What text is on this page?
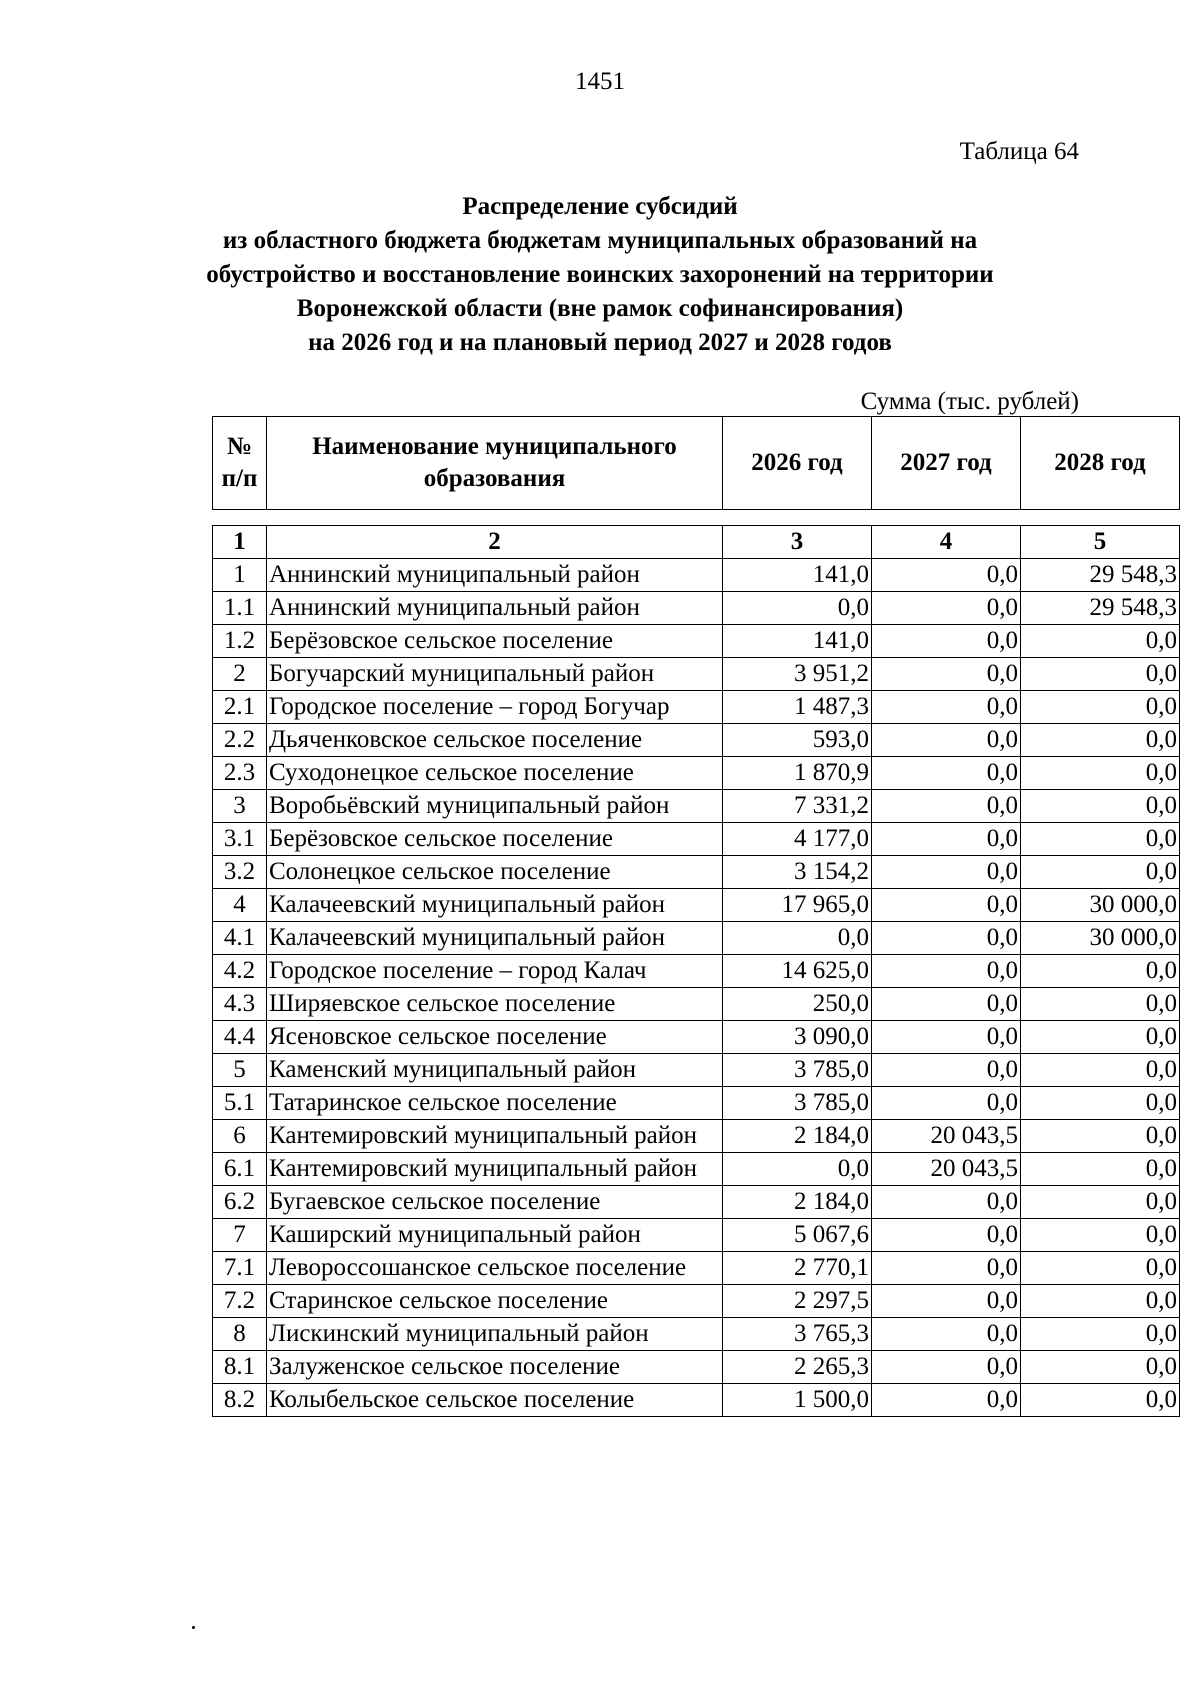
1451
Таблица 64
Распределение субсидий
из областного бюджета бюджетам муниципальных образований на
обустройство и восстановление воинских захоронений на территории
Воронежской области (вне рамок софинансирования)
на 2026 год и на плановый период 2027 и 2028 годов
Сумма (тыс. рублей)
№ п/п	Наименование муниципального образования	2026 год	2027 год	2028 год
1	2	3	4	5
1	Аннинский муниципальный район	141,0	0,0	29 548,3
1.1	Аннинский муниципальный район	0,0	0,0	29 548,3
1.2	Берёзовское сельское поселение	141,0	0,0	0,0
2	Богучарский муниципальный район	3 951,2	0,0	0,0
2.1	Городское поселение – город Богучар	1 487,3	0,0	0,0
2.2	Дьяченковское сельское поселение	593,0	0,0	0,0
2.3	Суходонецкое сельское поселение	1 870,9	0,0	0,0
3	Воробьёвский муниципальный район	7 331,2	0,0	0,0
3.1	Берёзовское сельское поселение	4 177,0	0,0	0,0
3.2	Солонецкое сельское поселение	3 154,2	0,0	0,0
4	Калачеевский муниципальный район	17 965,0	0,0	30 000,0
4.1	Калачеевский муниципальный район	0,0	0,0	30 000,0
4.2	Городское поселение – город Калач	14 625,0	0,0	0,0
4.3	Ширяевское сельское поселение	250,0	0,0	0,0
4.4	Ясеновское сельское поселение	3 090,0	0,0	0,0
5	Каменский муниципальный район	3 785,0	0,0	0,0
5.1	Татаринское сельское поселение	3 785,0	0,0	0,0
6	Кантемировский муниципальный район	2 184,0	20 043,5	0,0
6.1	Кантемировский муниципальный район	0,0	20 043,5	0,0
6.2	Бугаевское сельское поселение	2 184,0	0,0	0,0
7	Каширский муниципальный район	5 067,6	0,0	0,0
7.1	Левороссошанское сельское поселение	2 770,1	0,0	0,0
7.2	Старинское сельское поселение	2 297,5	0,0	0,0
8	Лискинский муниципальный район	3 765,3	0,0	0,0
8.1	Залуженское сельское поселение	2 265,3	0,0	0,0
8.2	Колыбельское сельское поселение	1 500,0	0,0	0,0
